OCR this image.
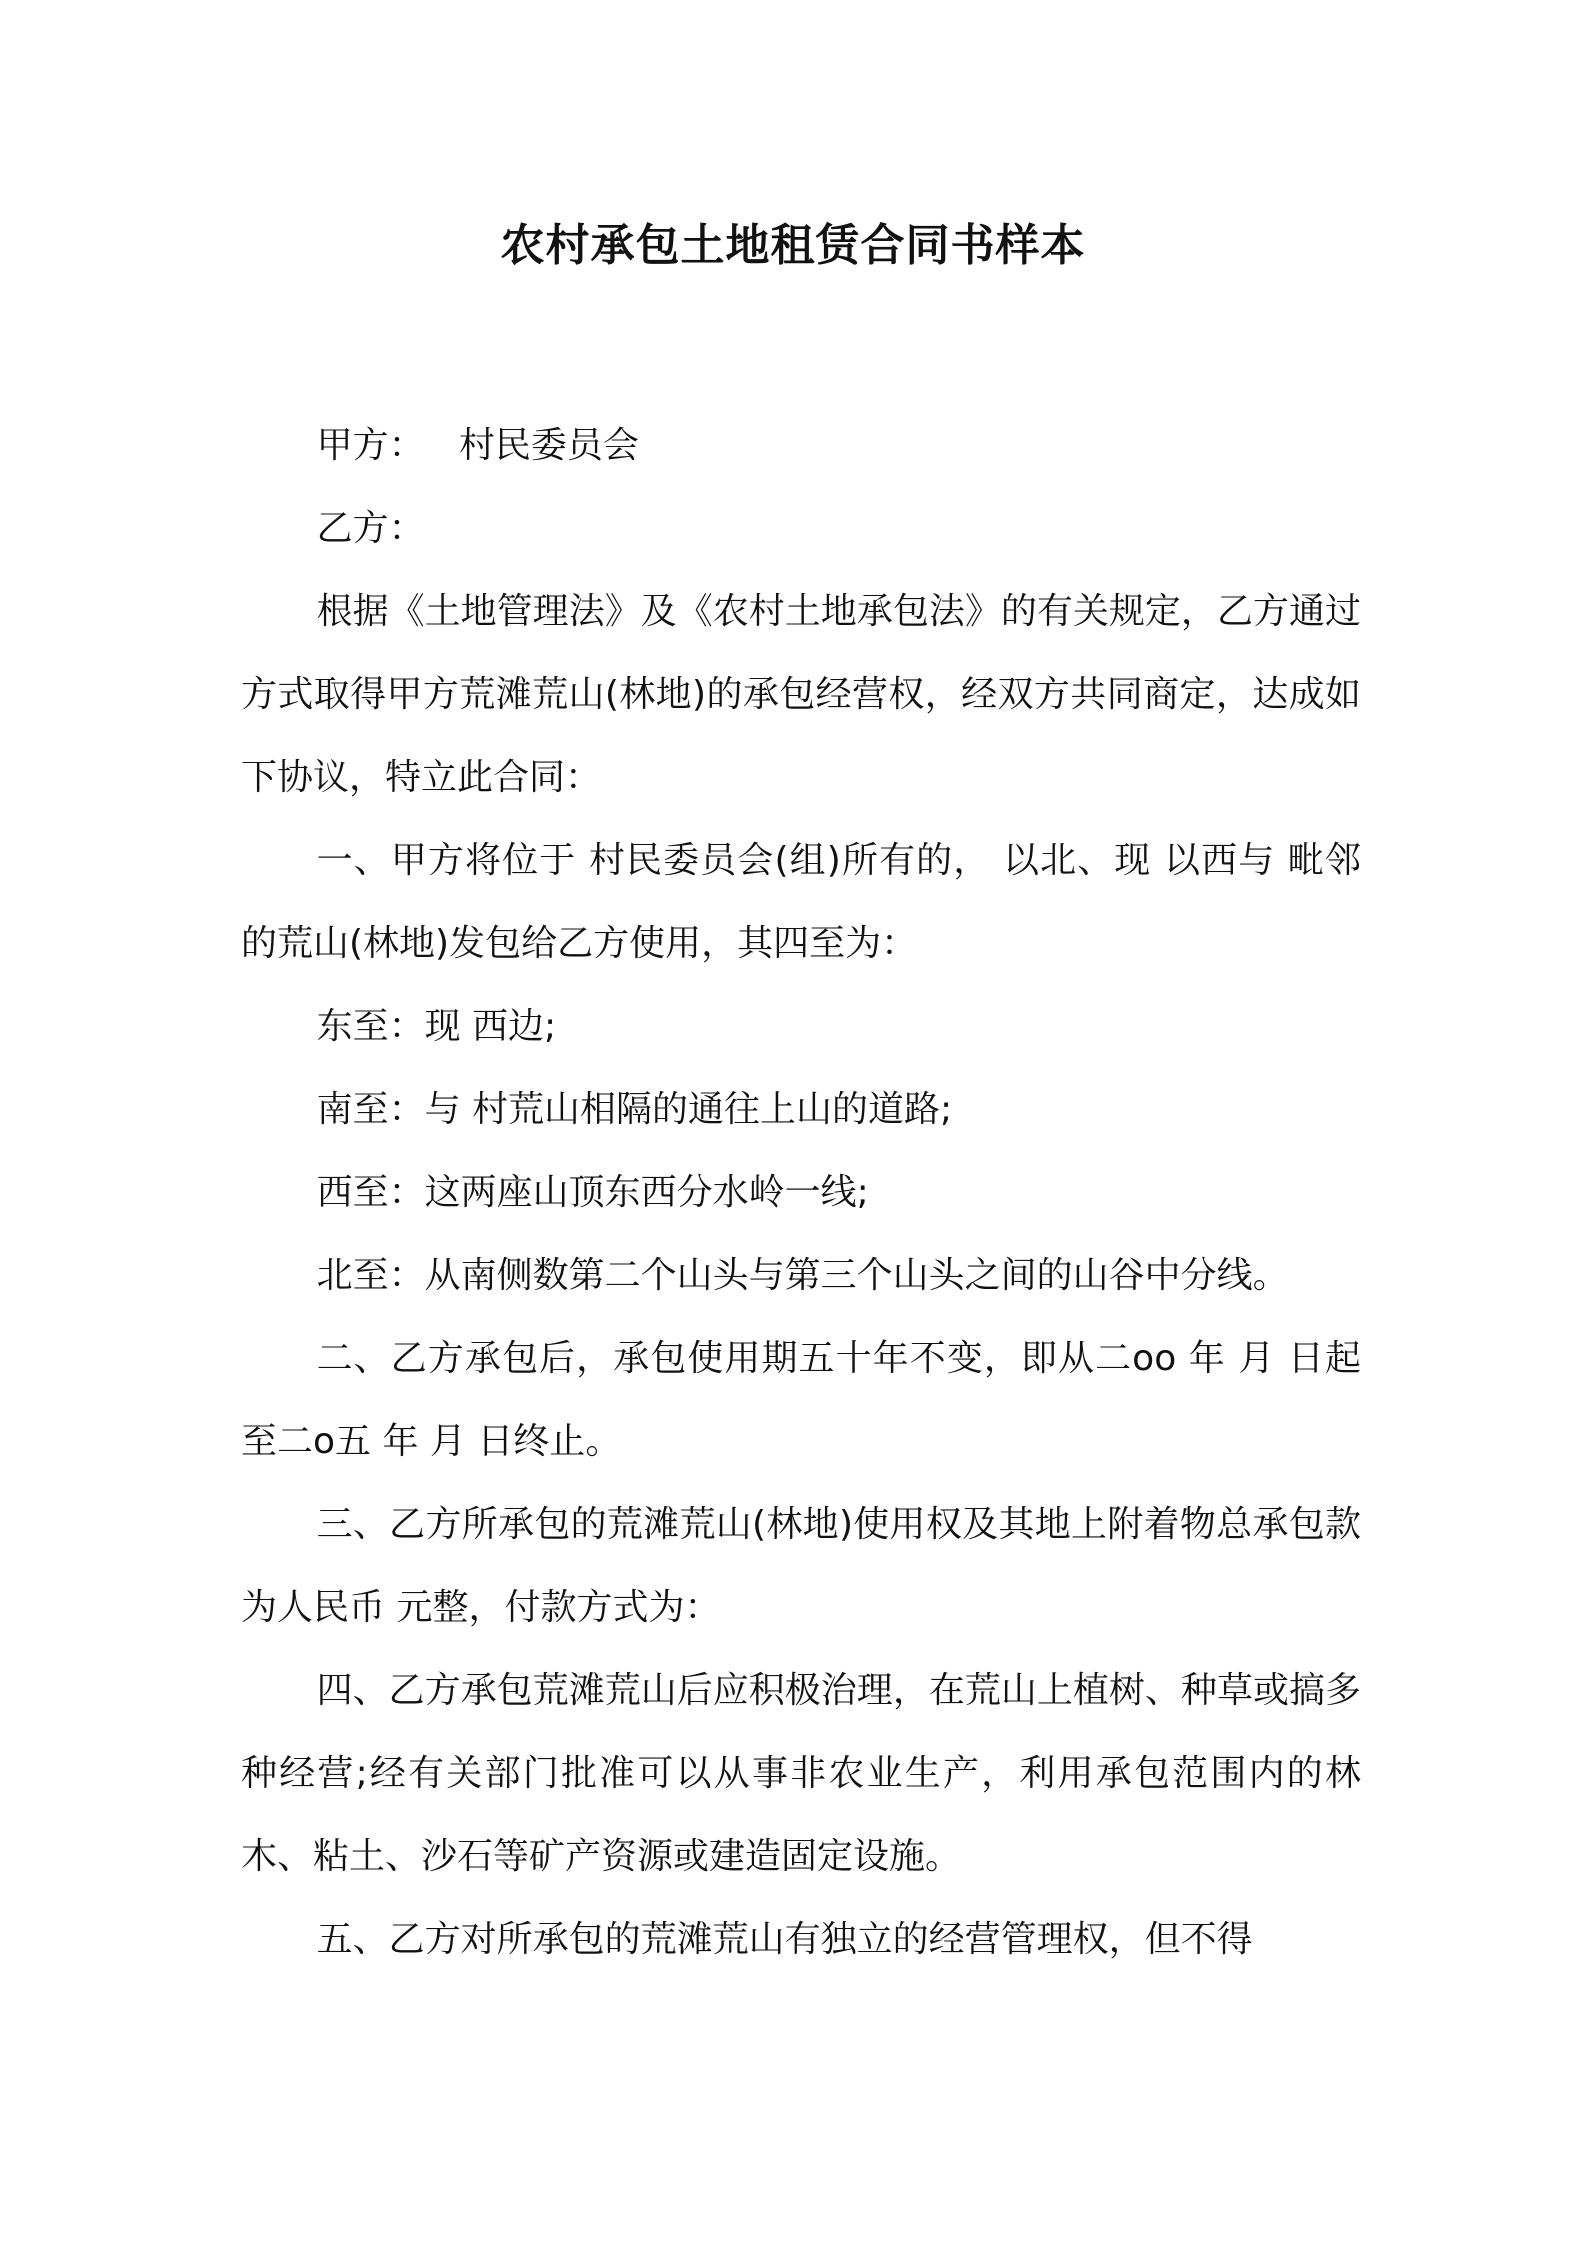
农村承包土地租赁合同书样本

甲方：   村民委员会

乙方：

根据《土地管理法》及《农村土地承包法》的有关规定，乙方通过 方式取得甲方荒滩荒山(林地)的承包经营权，经双方共同商定，达成如下协议，特立此合同：

一、甲方将位于 村民委员会(组)所有的， 以北、现 以西与 毗邻的荒山(林地)发包给乙方使用，其四至为：

东至：现 西边;

南至：与 村荒山相隔的通往上山的道路;

西至：这两座山顶东西分水岭一线;

北至：从南侧数第二个山头与第三个山头之间的山谷中分线。

二、乙方承包后，承包使用期五十年不变，即从二oo 年 月 日起至二o五 年 月 日终止。

三、乙方所承包的荒滩荒山(林地)使用权及其地上附着物总承包款为人民币 元整，付款方式为：

四、乙方承包荒滩荒山后应积极治理，在荒山上植树、种草或搞多种经营;经有关部门批准可以从事非农业生产，利用承包范围内的林木、粘土、沙石等矿产资源或建造固定设施。

五、乙方对所承包的荒滩荒山有独立的经营管理权，但不得
